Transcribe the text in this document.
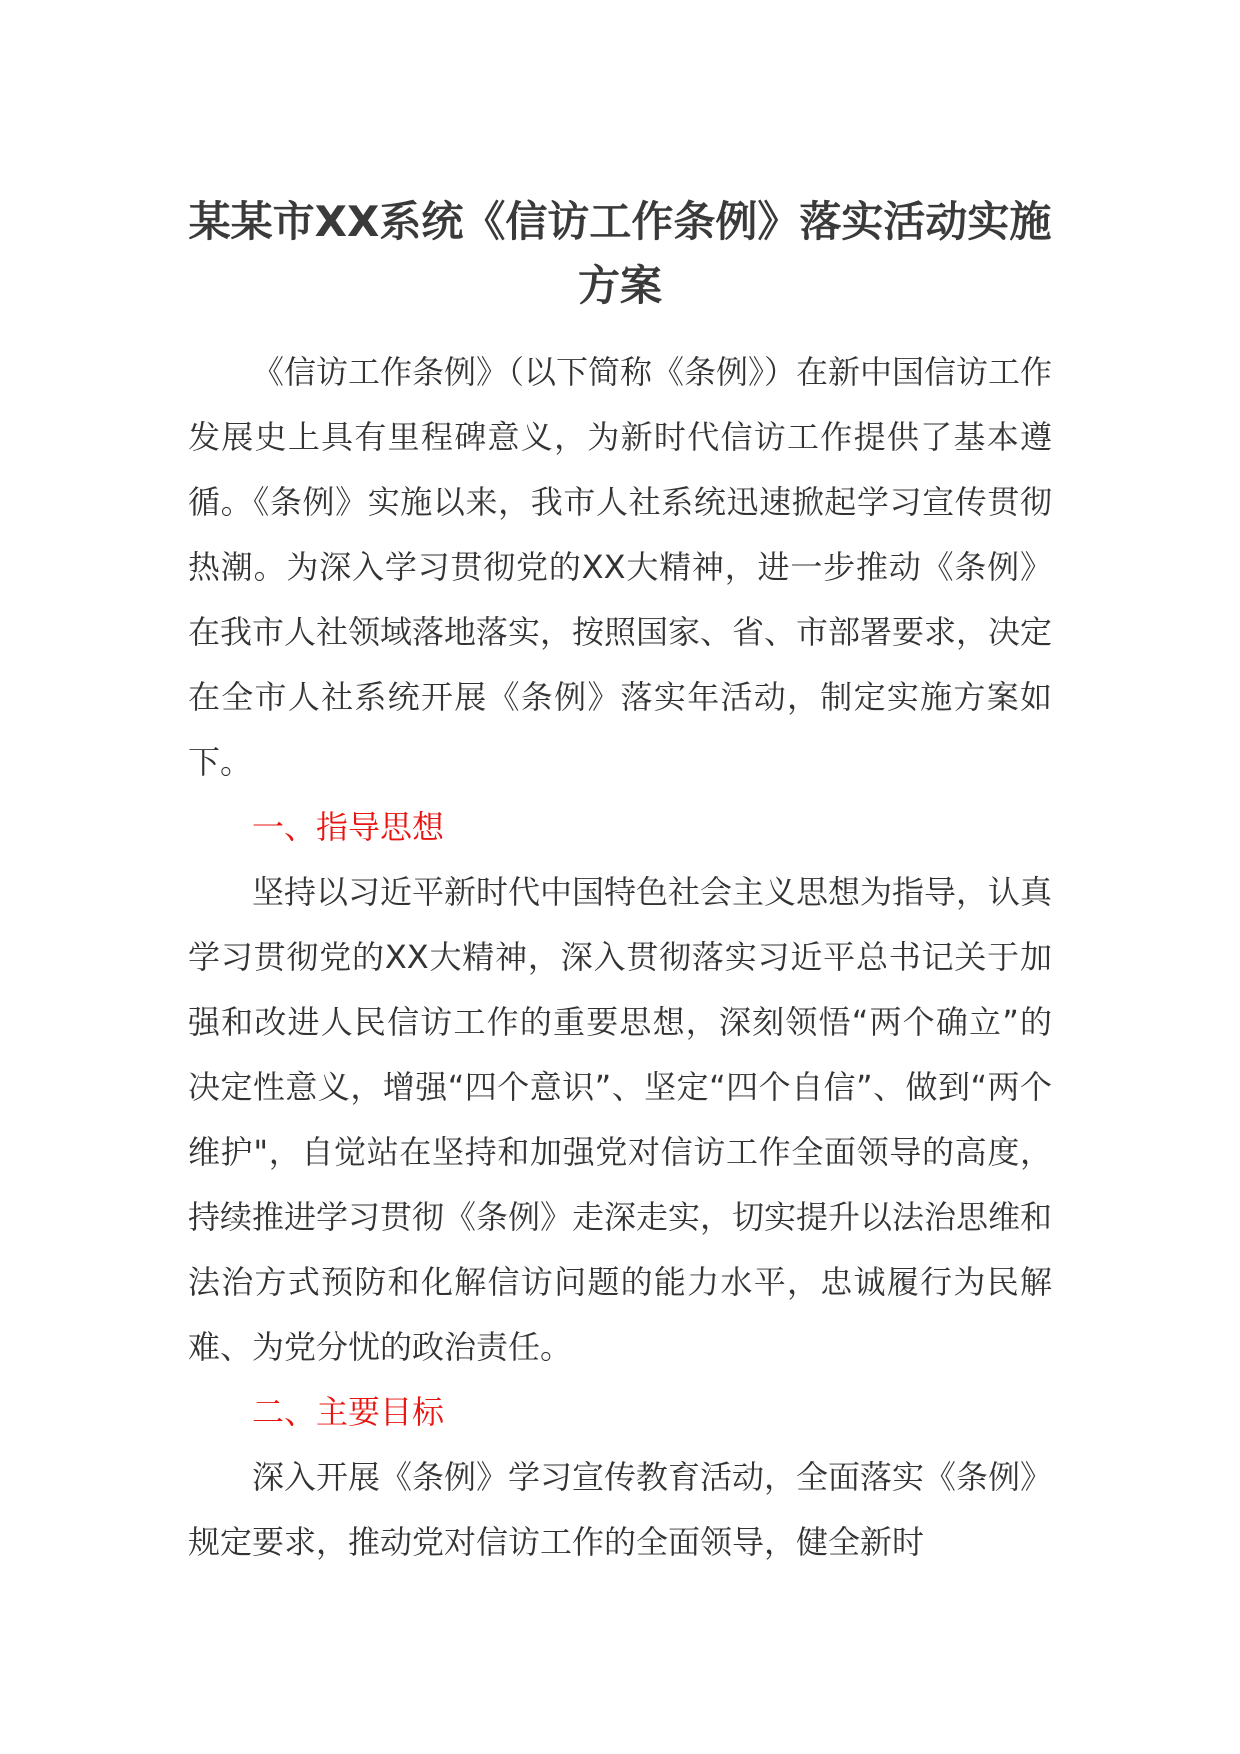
某某市XX系统《信访工作条例》落实活动实施方案

《信访工作条例》（以下简称《条例》）在新中国信访工作发展史上具有里程碑意义，为新时代信访工作提供了基本遵循。《条例》实施以来，我市人社系统迅速掀起学习宣传贯彻热潮。为深入学习贯彻党的XX大精神，进一步推动《条例》在我市人社领域落地落实，按照国家、省、市部署要求，决定在全市人社系统开展《条例》落实年活动，制定实施方案如下。

一、指导思想

坚持以习近平新时代中国特色社会主义思想为指导，认真学习贯彻党的XX大精神，深入贯彻落实习近平总书记关于加强和改进人民信访工作的重要思想，深刻领悟“两个确立”的决定性意义，增强“四个意识”、坚定“四个自信”、做到“两个维护"，自觉站在坚持和加强党对信访工作全面领导的高度，持续推进学习贯彻《条例》走深走实，切实提升以法治思维和法治方式预防和化解信访问题的能力水平，忠诚履行为民解难、为党分忧的政治责任。

二、主要目标

深入开展《条例》学习宣传教育活动，全面落实《条例》规定要求，推动党对信访工作的全面领导，健全新时
